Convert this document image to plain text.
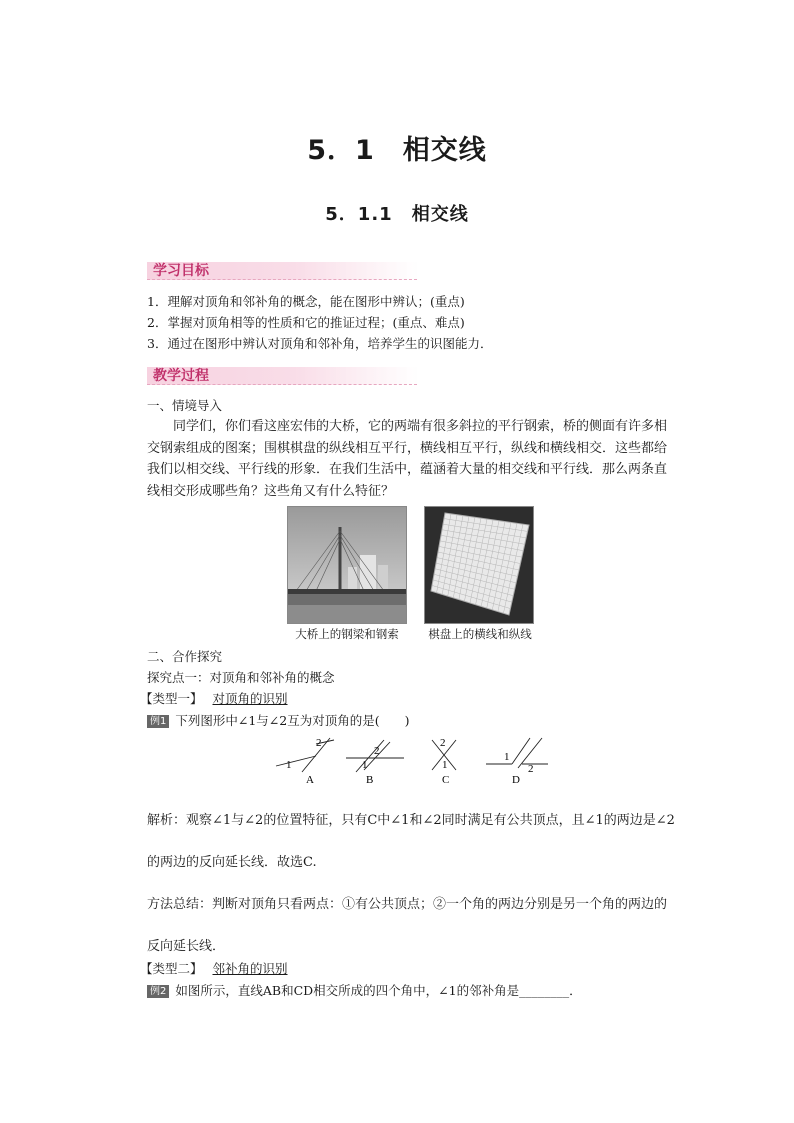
5．1　相交线
5．1.1　相交线
学习目标
1．理解对顶角和邻补角的概念，能在图形中辨认；(重点)
2．掌握对顶角相等的性质和它的推证过程；(重点、难点)
3．通过在图形中辨认对顶角和邻补角，培养学生的识图能力．
教学过程
一、情境导入
同学们，你们看这座宏伟的大桥，它的两端有很多斜拉的平行钢索，桥的侧面有许多相交钢索组成的图案；围棋棋盘的纵线相互平行，横线相互平行，纵线和横线相交．这些都给我们以相交线、平行线的形象．在我们生活中，蕴涵着大量的相交线和平行线．那么两条直线相交形成哪些角？这些角又有什么特征？
大桥上的钢梁和钢索	棋盘上的横线和纵线
二、合作探究
探究点一：对顶角和邻补角的概念
【类型一】 对顶角的识别
例1 下列图形中∠1与∠2互为对顶角的是(　　)
1
2
A
1
2
B
2
1
C
1
2
D
解析：观察∠1与∠2的位置特征，只有C中∠1和∠2同时满足有公共顶点，且∠1的两边是∠2的两边的反向延长线．故选C.
方法总结：判断对顶角只看两点：①有公共顶点；②一个角的两边分别是另一个角的两边的反向延长线．
【类型二】 邻补角的识别
例2 如图所示，直线AB和CD相交所成的四个角中，∠1的邻补角是________．
